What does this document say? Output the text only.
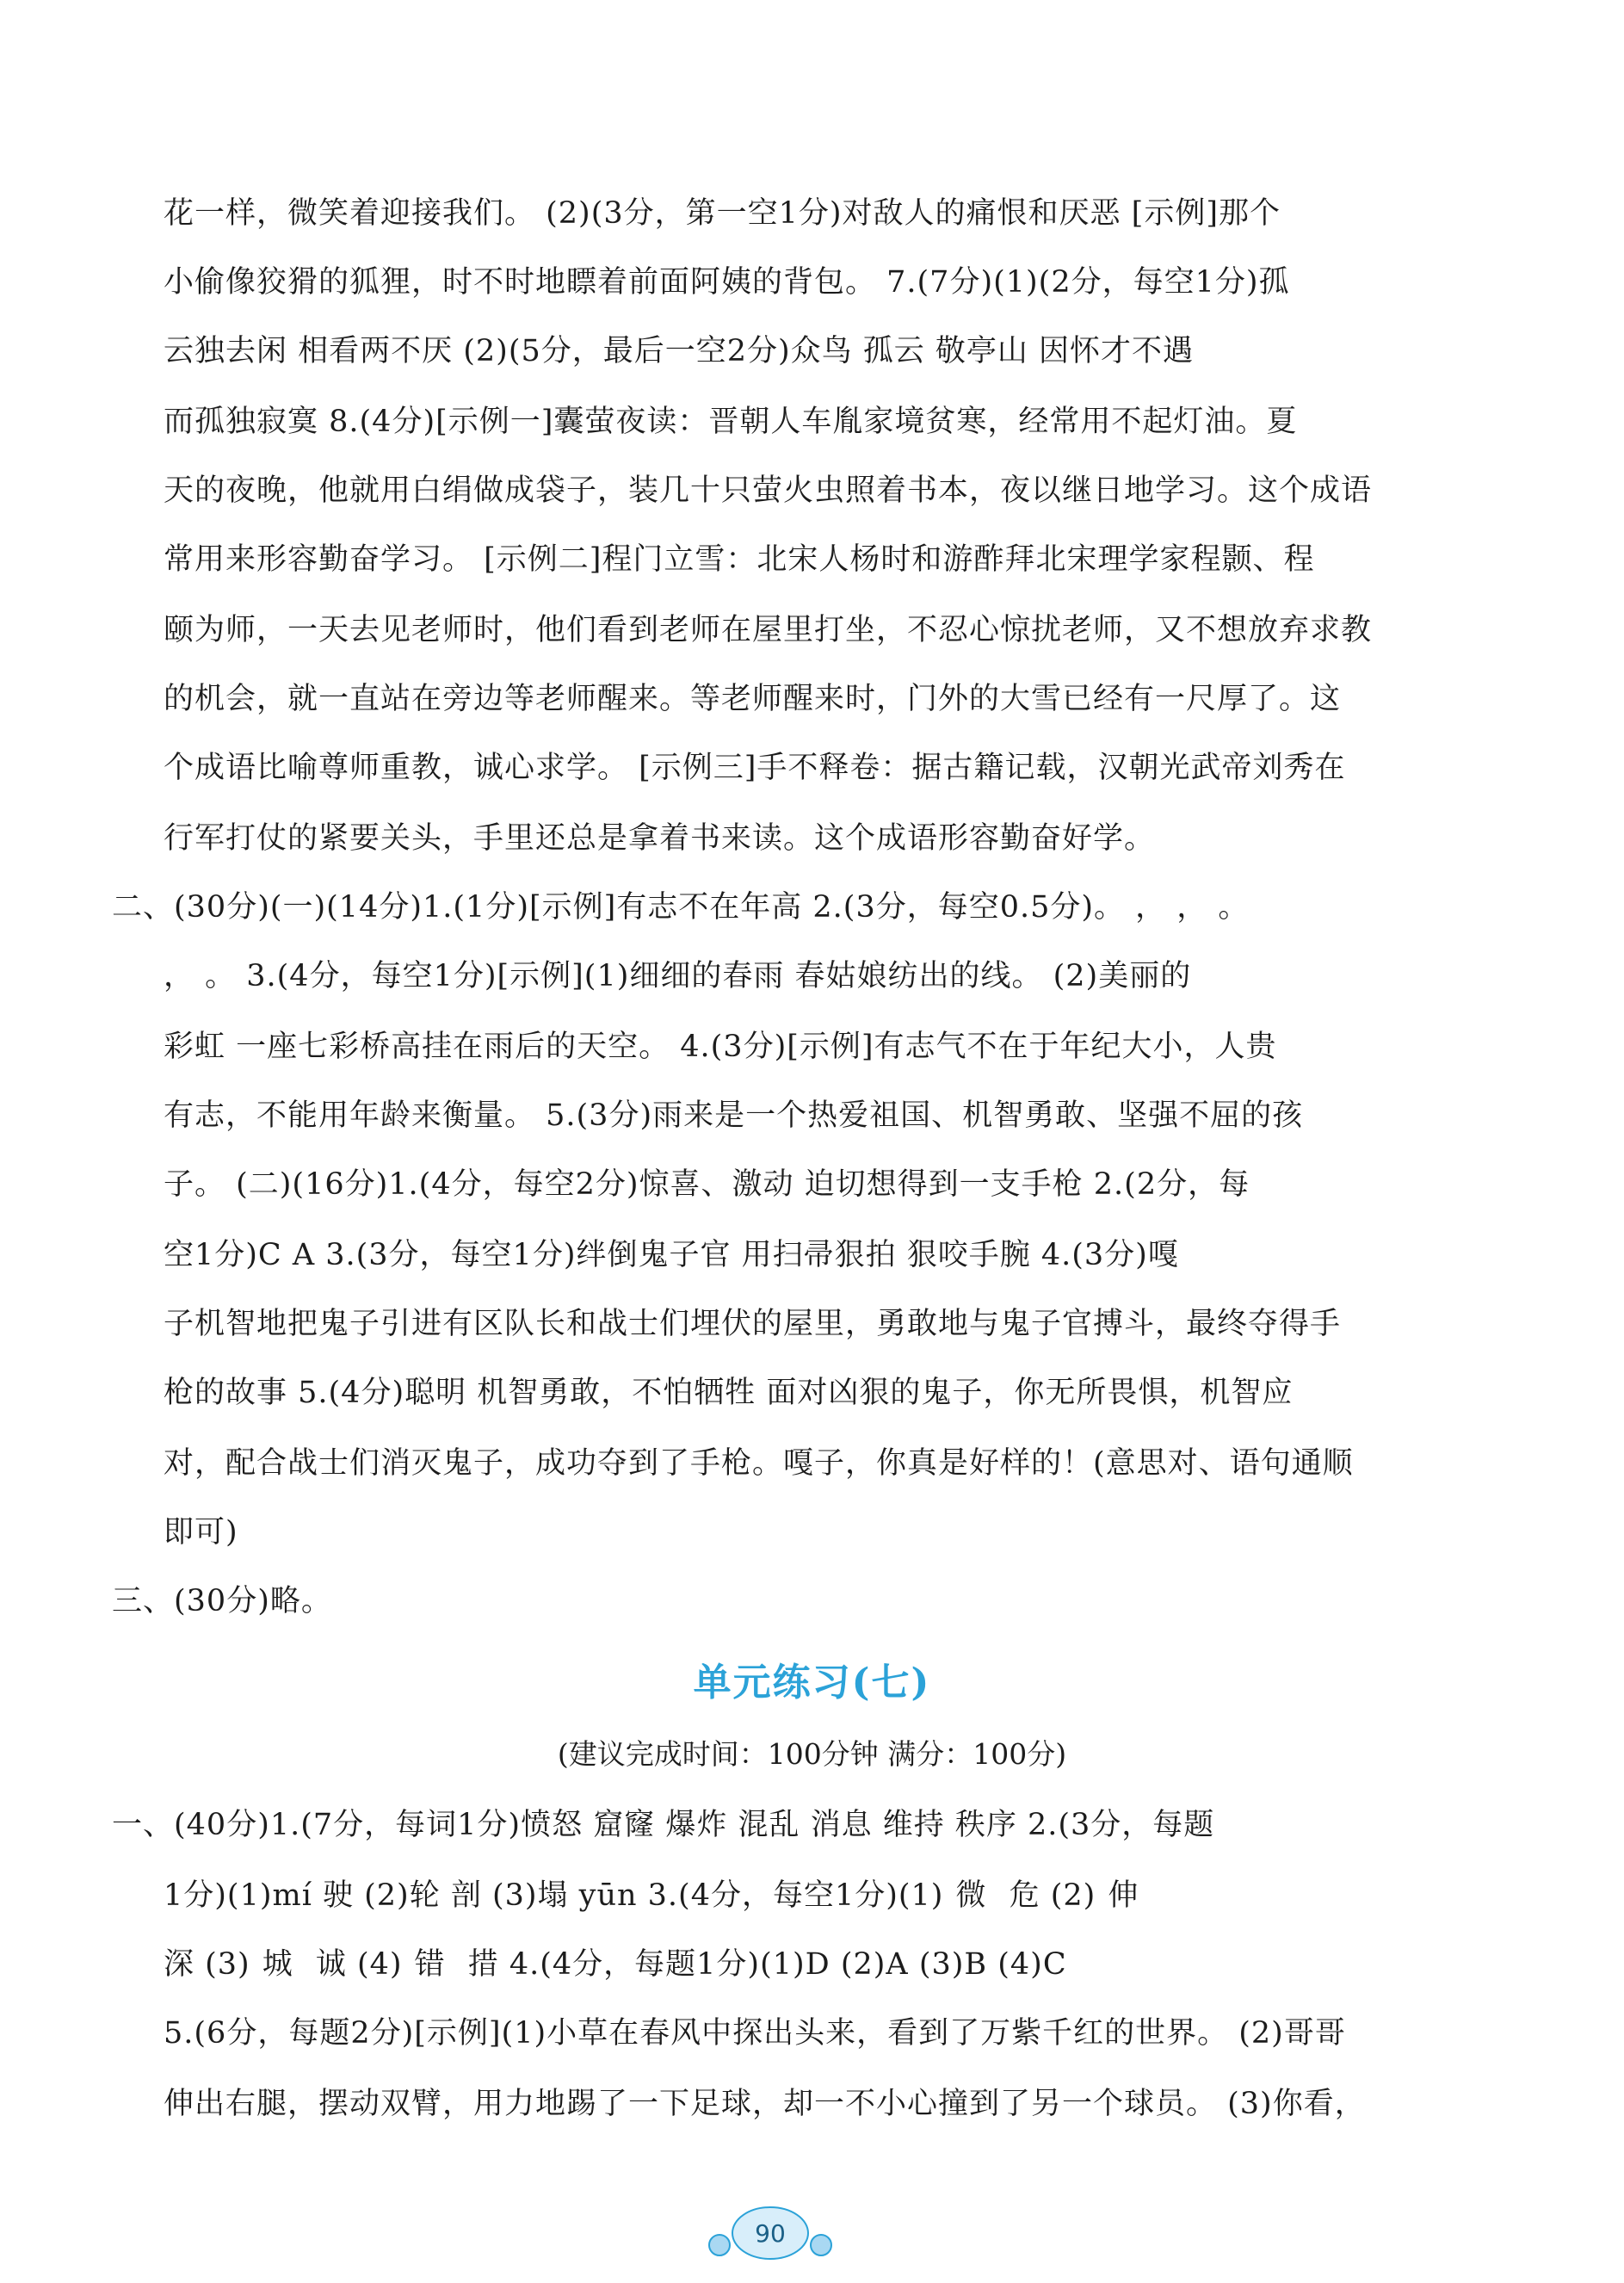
花一样，微笑着迎接我们。 (2)(3分，第一空1分)对敌人的痛恨和厌恶 [示例]那个
小偷像狡猾的狐狸，时不时地瞟着前面阿姨的背包。 7.(7分)(1)(2分，每空1分)孤
云独去闲 相看两不厌 (2)(5分，最后一空2分)众鸟 孤云 敬亭山 因怀才不遇
而孤独寂寞 8.(4分)[示例一]囊萤夜读：晋朝人车胤家境贫寒，经常用不起灯油。夏
天的夜晚，他就用白绢做成袋子，装几十只萤火虫照着书本，夜以继日地学习。这个成语
常用来形容勤奋学习。 [示例二]程门立雪：北宋人杨时和游酢拜北宋理学家程颢、程
颐为师，一天去见老师时，他们看到老师在屋里打坐，不忍心惊扰老师，又不想放弃求教
的机会，就一直站在旁边等老师醒来。等老师醒来时，门外的大雪已经有一尺厚了。这
个成语比喻尊师重教，诚心求学。 [示例三]手不释卷：据古籍记载，汉朝光武帝刘秀在
行军打仗的紧要关头，手里还总是拿着书来读。这个成语形容勤奋好学。
二、(30分)(一)(14分)1.(1分)[示例]有志不在年高 2.(3分，每空0.5分)。 ， ， 。
， 。 3.(4分，每空1分)[示例](1)细细的春雨 春姑娘纺出的线。 (2)美丽的
彩虹 一座七彩桥高挂在雨后的天空。 4.(3分)[示例]有志气不在于年纪大小，人贵
有志，不能用年龄来衡量。 5.(3分)雨来是一个热爱祖国、机智勇敢、坚强不屈的孩
子。 (二)(16分)1.(4分，每空2分)惊喜、激动 迫切想得到一支手枪 2.(2分，每
空1分)C A 3.(3分，每空1分)绊倒鬼子官 用扫帚狠拍 狠咬手腕 4.(3分)嘎
子机智地把鬼子引进有区队长和战士们埋伏的屋里，勇敢地与鬼子官搏斗，最终夺得手
枪的故事 5.(4分)聪明 机智勇敢，不怕牺牲 面对凶狠的鬼子，你无所畏惧，机智应
对，配合战士们消灭鬼子，成功夺到了手枪。嘎子，你真是好样的！(意思对、语句通顺
即可)
三、(30分)略。
单元练习(七)
(建议完成时间：100分钟 满分：100分)
一、(40分)1.(7分，每词1分)愤怒 窟窿 爆炸 混乱 消息 维持 秩序 2.(3分，每题
1分)(1)mí 驶 (2)轮 剖 (3)塌 yūn 3.(4分，每空1分)(1) 微 危 (2) 伸
深 (3) 城 诚 (4) 错 措 4.(4分，每题1分)(1)D (2)A (3)B (4)C
5.(6分，每题2分)[示例](1)小草在春风中探出头来，看到了万紫千红的世界。 (2)哥哥
伸出右腿，摆动双臂，用力地踢了一下足球，却一不小心撞到了另一个球员。 (3)你看，
90
